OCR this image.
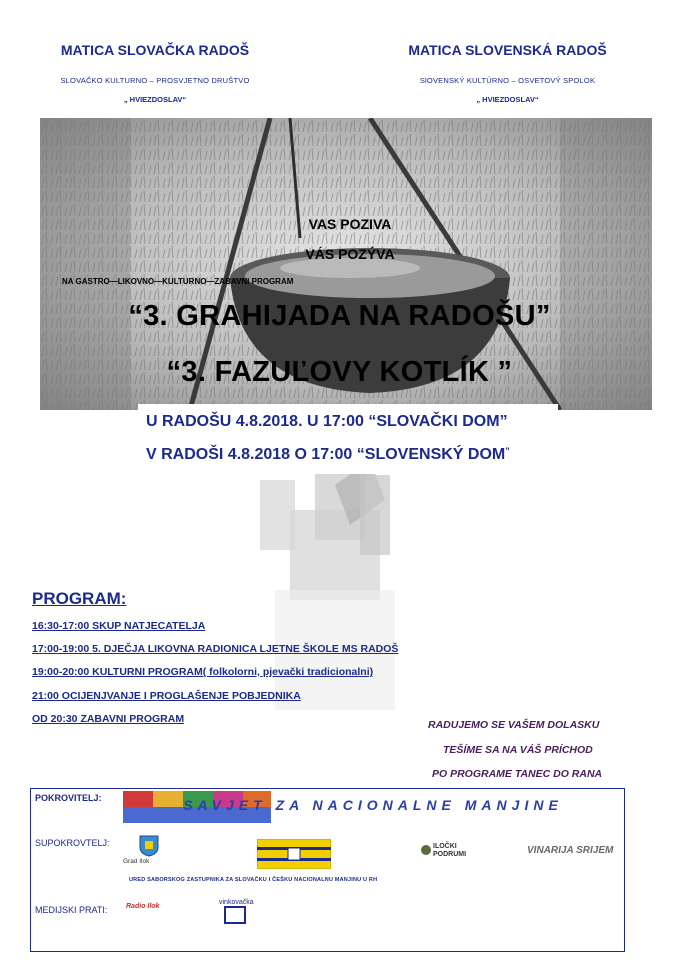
MATICA SLOVAČKA RADOŠ
SLOVAČKO KULTURNO – PROSVJETNO DRUŠTVO
„ HVIEZDOSLAV“
MATICA SLOVENSKÁ RADOŠ
SlOVENSKÝ KULTÚRNO – OSVETOVÝ SPOLOK
„ HVIEZDOSLAV“
VAS POZIVA
VÁS POZÝVA
NA GASTRO—LIKOVNO—KULTURNO—ZABAVNI PROGRAM
“3. GRAHIJADA NA RADOŠU”
“3. FAZUĽOVY KOTLÍK ”
U RADOŠU 4.8.2018. U 17:00 “SLOVAČKI DOM”
V RADOŠI 4.8.2018 O 17:00 “SLOVENSKÝ DOM”
PROGRAM:
16:30-17:00 SKUP NATJECATELJA
17:00-19:00 5. DJEČJA LIKOVNA RADIONICA LJETNE ŠKOLE MS RADOŠ
19:00-20:00 KULTURNI PROGRAM( folkolorni, pjevački tradicionalni)
21:00 OCIJENJVANJE I PROGLAŠENJE POBJEDNIKA
OD 20:30 ZABAVNI PROGRAM	RADUJEMO SE VAŠEM DOLASKU
TEŠÍME SA NA VÁŠ PRÍCHOD
PO PROGRAME TANEC DO RANA
POKROVITELJ:	SAVJET ZA NACIONALNE MANJINE
SUPOKROVTELJ:
Grad Ilok
ILOČKI PODRUMI	VINARIJA SRIJEM
URED SABORSKOG ZASTUPNIKA ZA SLOVAČKU I ČEŠKU NACIONALNU MANJINU U RH
MEDIJSKI PRATI:	Radio Ilok
vinkovačka
